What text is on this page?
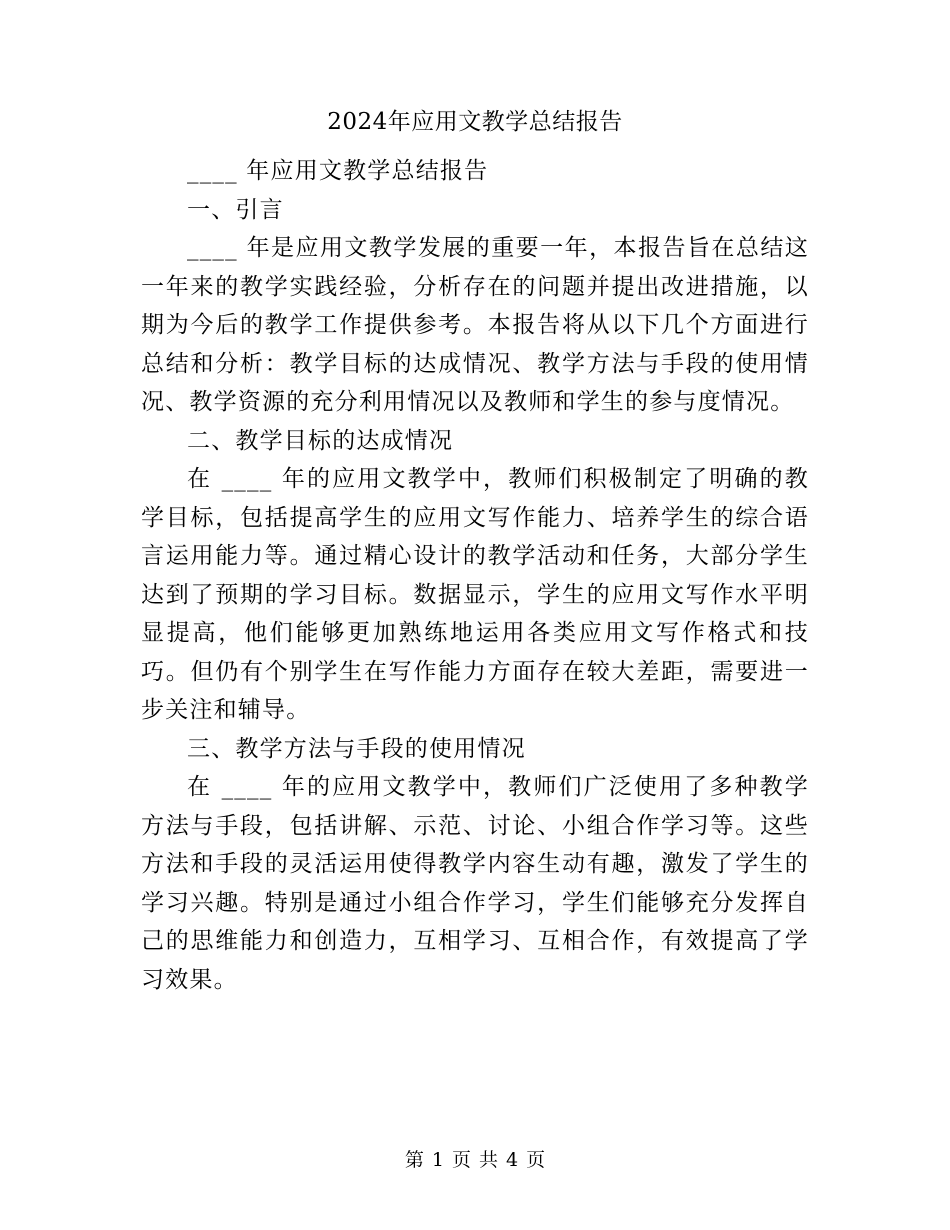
2024年应用文教学总结报告

____ 年应用文教学总结报告

一、引言

____ 年是应用文教学发展的重要一年，本报告旨在总结这一年来的教学实践经验，分析存在的问题并提出改进措施，以期为今后的教学工作提供参考。本报告将从以下几个方面进行总结和分析：教学目标的达成情况、教学方法与手段的使用情况、教学资源的充分利用情况以及教师和学生的参与度情况。

二、教学目标的达成情况

在 ____ 年的应用文教学中，教师们积极制定了明确的教学目标，包括提高学生的应用文写作能力、培养学生的综合语言运用能力等。通过精心设计的教学活动和任务，大部分学生达到了预期的学习目标。数据显示，学生的应用文写作水平明显提高，他们能够更加熟练地运用各类应用文写作格式和技巧。但仍有个别学生在写作能力方面存在较大差距，需要进一步关注和辅导。

三、教学方法与手段的使用情况

在 ____ 年的应用文教学中，教师们广泛使用了多种教学方法与手段，包括讲解、示范、讨论、小组合作学习等。这些方法和手段的灵活运用使得教学内容生动有趣，激发了学生的学习兴趣。特别是通过小组合作学习，学生们能够充分发挥自己的思维能力和创造力，互相学习、互相合作，有效提高了学习效果。

第 1 页 共 4 页
